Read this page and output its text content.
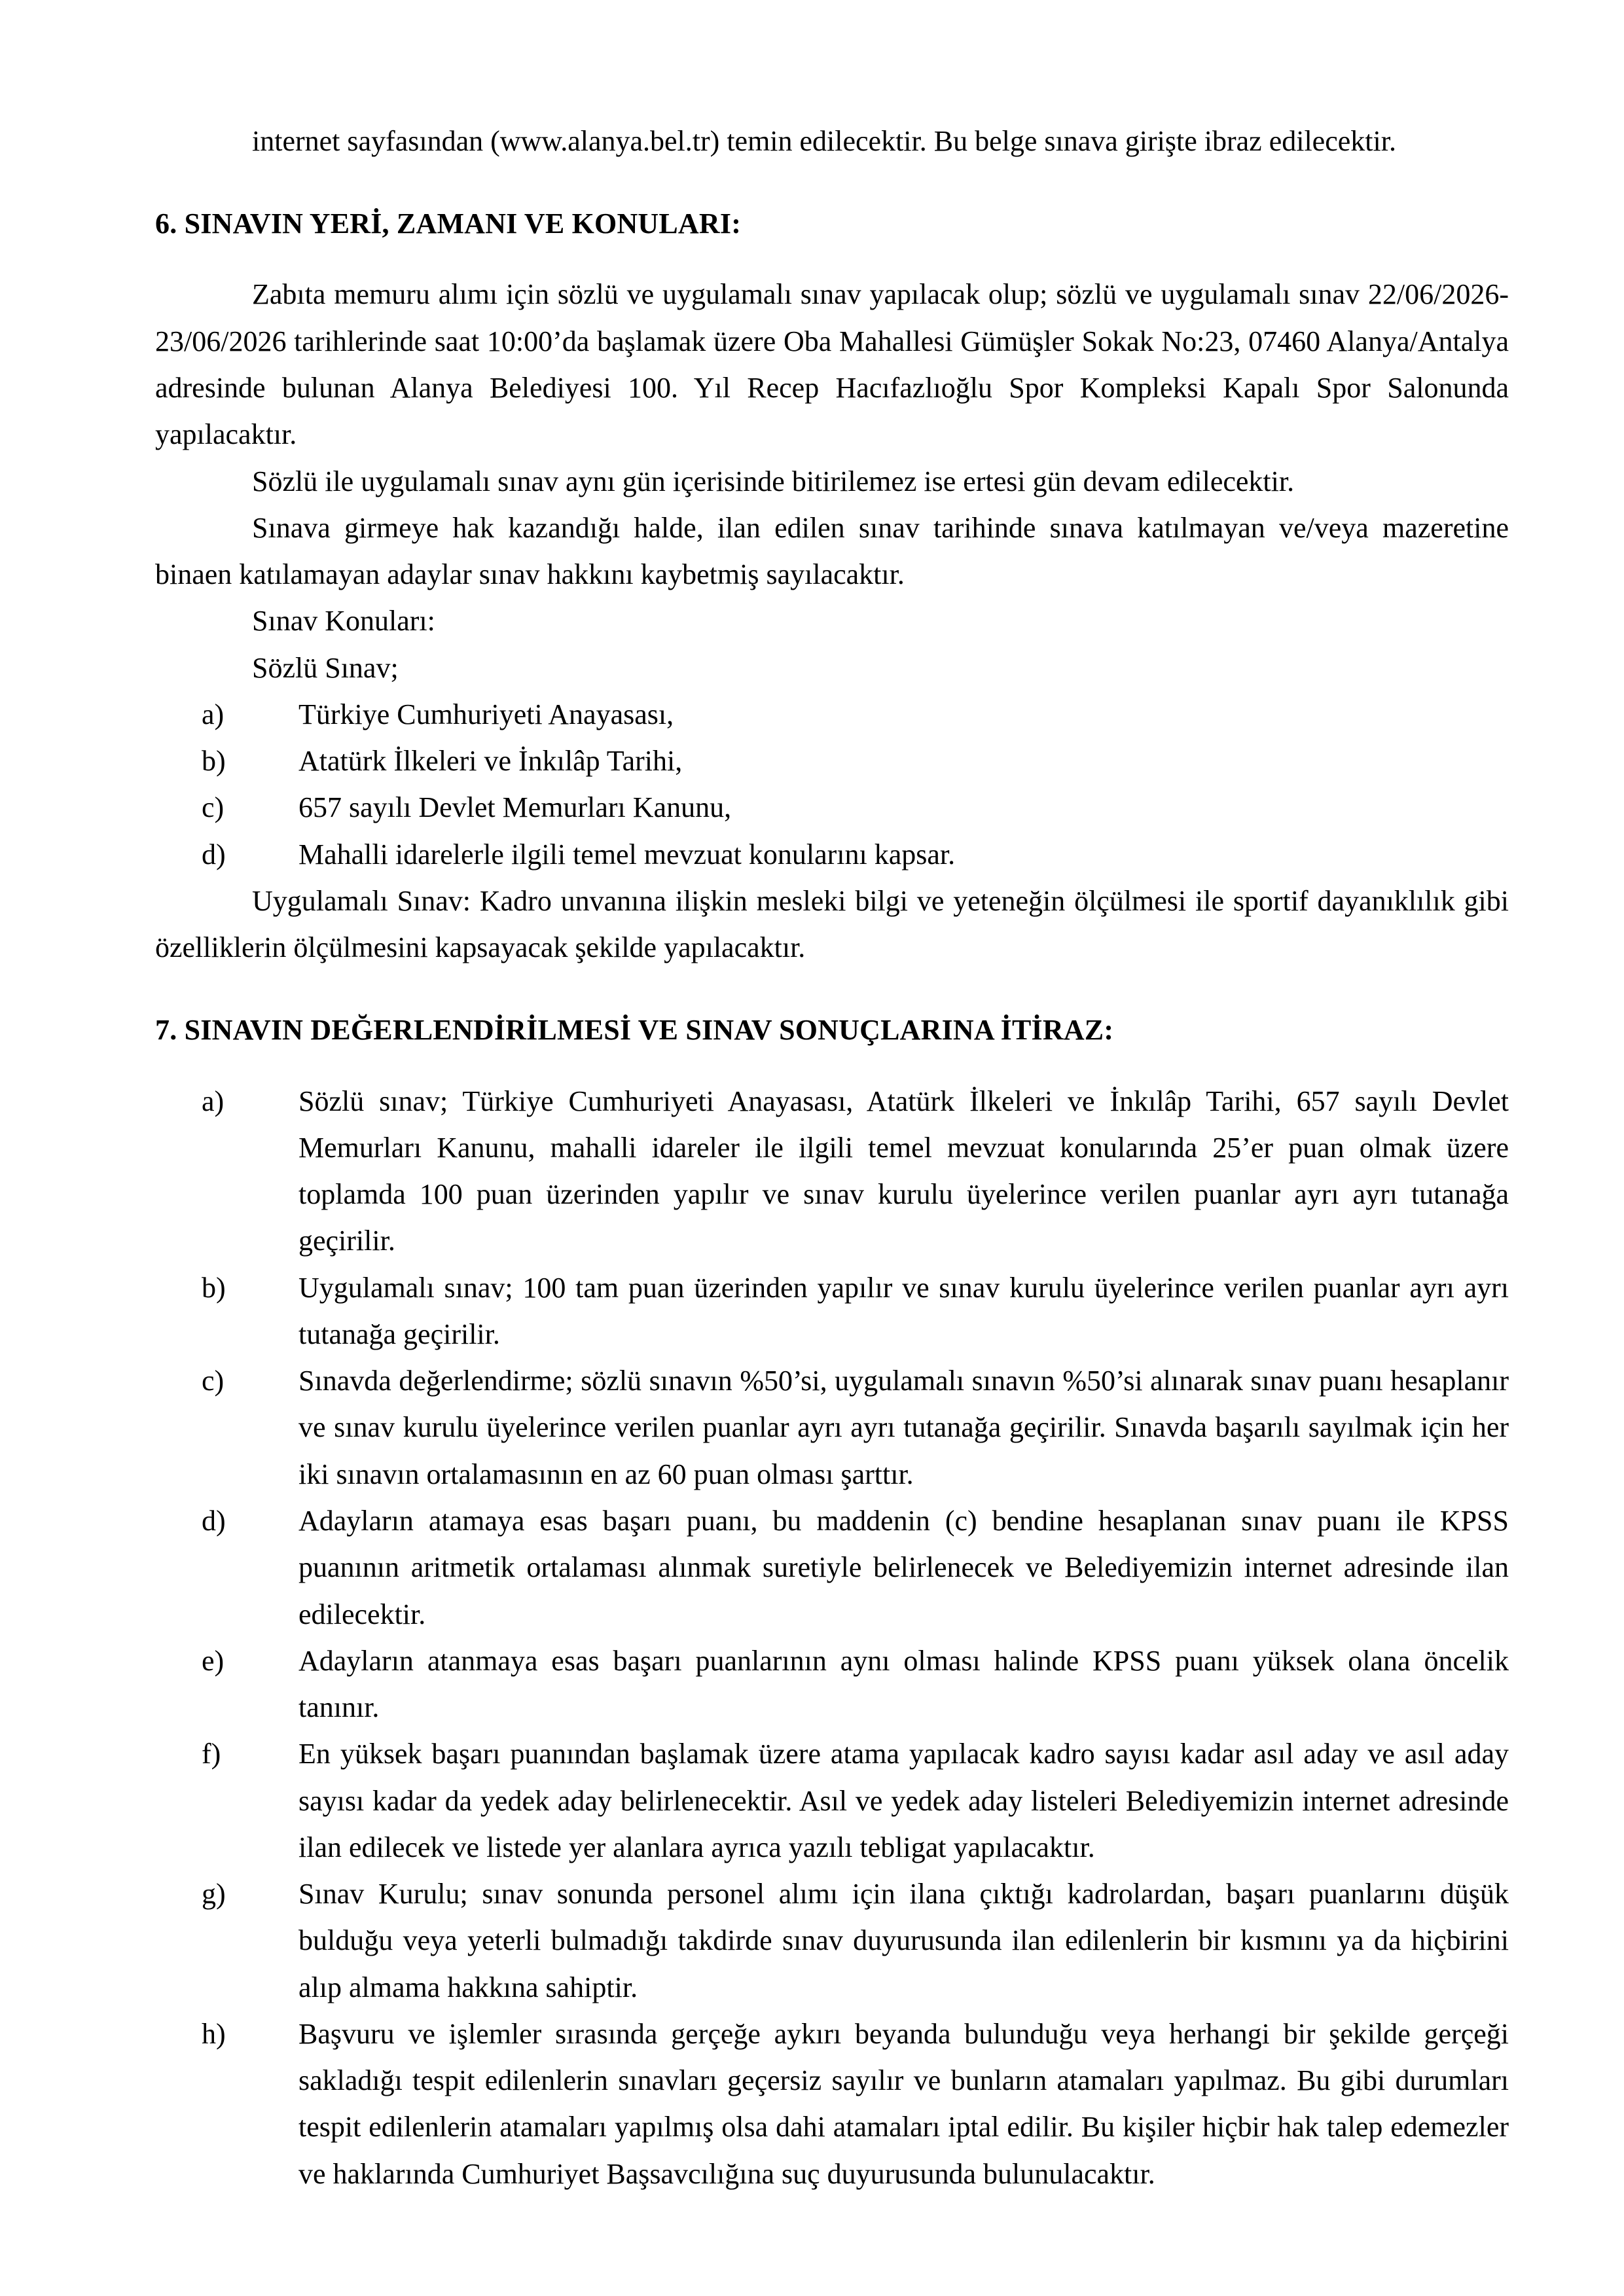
internet sayfasından (www.alanya.bel.tr) temin edilecektir. Bu belge sınava girişte ibraz edilecektir.

6. SINAVIN YERİ, ZAMANI VE KONULARI:

Zabıta memuru alımı için sözlü ve uygulamalı sınav yapılacak olup; sözlü ve uygulamalı sınav 22/06/2026-23/06/2026 tarihlerinde saat 10:00’da başlamak üzere Oba Mahallesi Gümüşler Sokak No:23, 07460 Alanya/Antalya adresinde bulunan Alanya Belediyesi 100. Yıl Recep Hacıfazlıoğlu Spor Kompleksi Kapalı Spor Salonunda yapılacaktır.

Sözlü ile uygulamalı sınav aynı gün içerisinde bitirilemez ise ertesi gün devam edilecektir.

Sınava girmeye hak kazandığı halde, ilan edilen sınav tarihinde sınava katılmayan ve/veya mazeretine binaen katılamayan adaylar sınav hakkını kaybetmiş sayılacaktır.

Sınav Konuları:

Sözlü Sınav;

a)	Türkiye Cumhuriyeti Anayasası,
b)	Atatürk İlkeleri ve İnkılâp Tarihi,
c)	657 sayılı Devlet Memurları Kanunu,
d)	Mahalli idarelerle ilgili temel mevzuat konularını kapsar.

Uygulamalı Sınav: Kadro unvanına ilişkin mesleki bilgi ve yeteneğin ölçülmesi ile sportif dayanıklılık gibi özelliklerin ölçülmesini kapsayacak şekilde yapılacaktır.

7. SINAVIN DEĞERLENDİRİLMESİ VE SINAV SONUÇLARINA İTİRAZ:
a)	Sözlü sınav; Türkiye Cumhuriyeti Anayasası, Atatürk İlkeleri ve İnkılâp Tarihi, 657 sayılı Devlet Memurları Kanunu, mahalli idareler ile ilgili temel mevzuat konularında 25’er puan olmak üzere toplamda 100 puan üzerinden yapılır ve sınav kurulu üyelerince verilen puanlar ayrı ayrı tutanağa geçirilir.
b)	Uygulamalı sınav; 100 tam puan üzerinden yapılır ve sınav kurulu üyelerince verilen puanlar ayrı ayrı tutanağa geçirilir.
c)	Sınavda değerlendirme; sözlü sınavın %50’si, uygulamalı sınavın %50’si alınarak sınav puanı hesaplanır ve sınav kurulu üyelerince verilen puanlar ayrı ayrı tutanağa geçirilir. Sınavda başarılı sayılmak için her iki sınavın ortalamasının en az 60 puan olması şarttır.
d)	Adayların atamaya esas başarı puanı, bu maddenin (c) bendine hesaplanan sınav puanı ile KPSS puanının aritmetik ortalaması alınmak suretiyle belirlenecek ve Belediyemizin internet adresinde ilan edilecektir.
e)	Adayların atanmaya esas başarı puanlarının aynı olması halinde KPSS puanı yüksek olana öncelik tanınır.
f)	En yüksek başarı puanından başlamak üzere atama yapılacak kadro sayısı kadar asıl aday ve asıl aday sayısı kadar da yedek aday belirlenecektir. Asıl ve yedek aday listeleri Belediyemizin internet adresinde ilan edilecek ve listede yer alanlara ayrıca yazılı tebligat yapılacaktır.
g)	Sınav Kurulu; sınav sonunda personel alımı için ilana çıktığı kadrolardan, başarı puanlarını düşük bulduğu veya yeterli bulmadığı takdirde sınav duyurusunda ilan edilenlerin bir kısmını ya da hiçbirini alıp almama hakkına sahiptir.
h)	Başvuru ve işlemler sırasında gerçeğe aykırı beyanda bulunduğu veya herhangi bir şekilde gerçeği sakladığı tespit edilenlerin sınavları geçersiz sayılır ve bunların atamaları yapılmaz. Bu gibi durumları tespit edilenlerin atamaları yapılmış olsa dahi atamaları iptal edilir. Bu kişiler hiçbir hak talep edemezler ve haklarında Cumhuriyet Başsavcılığına suç duyurusunda bulunulacaktır.
